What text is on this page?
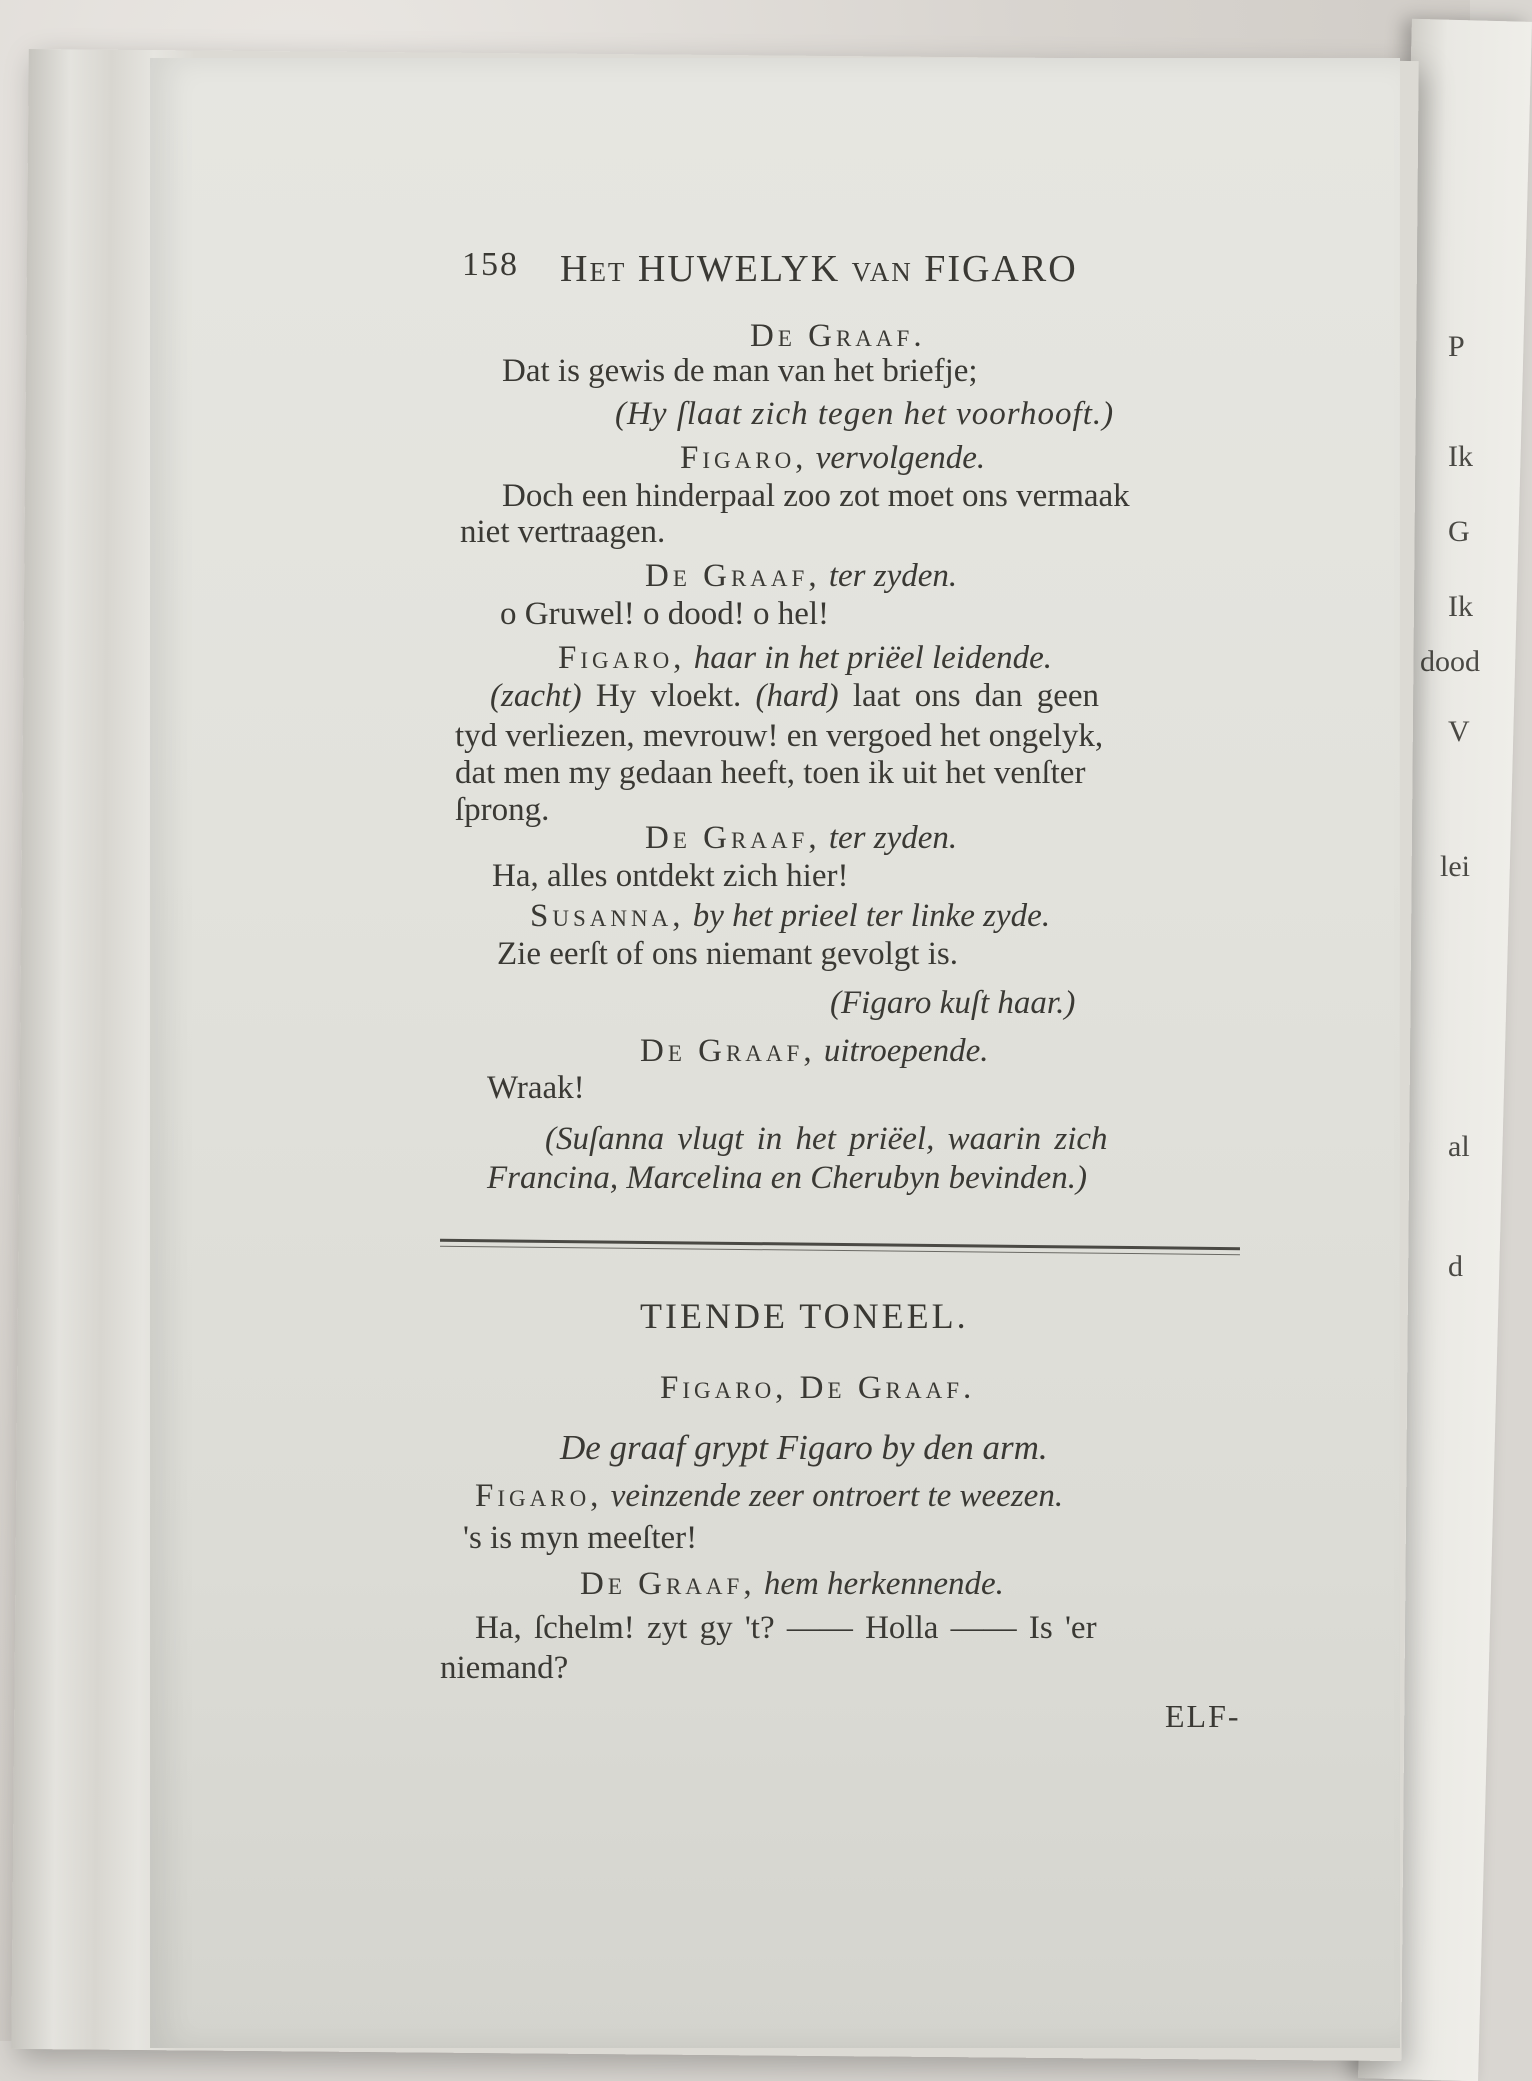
P
Ik
G
Ik
dood
V
lei
al
d
158 Het HUWELYK van FIGARO
De Graaf.
Dat is gewis de man van het briefje;
(Hy ſlaat zich tegen het voorhooft.)
Figaro, vervolgende.
Doch een hinderpaal zoo zot moet ons vermaak
niet vertraagen.
De Graaf, ter zyden.
o Gruwel! o dood! o hel!
Figaro, haar in het priëel leidende.
(zacht) Hy vloekt. (hard) laat ons dan geen
tyd verliezen, mevrouw! en vergoed het ongelyk,
dat men my gedaan heeft, toen ik uit het venſter
ſprong.
De Graaf, ter zyden.
Ha, alles ontdekt zich hier!
Susanna, by het prieel ter linke zyde.
Zie eerſt of ons niemant gevolgt is.
(Figaro kuſt haar.)
De Graaf, uitroepende.
Wraak!
(Suſanna vlugt in het priëel, waarin zich
Francina, Marcelina en Cherubyn bevinden.)
TIENDE TONEEL.
Figaro, De Graaf.
De graaf grypt Figaro by den arm.
Figaro, veinzende zeer ontroert te weezen.
's is myn meeſter!
De Graaf, hem herkennende.
Ha, ſchelm! zyt gy 't? —— Holla —— Is 'er
niemand?
ELF-
